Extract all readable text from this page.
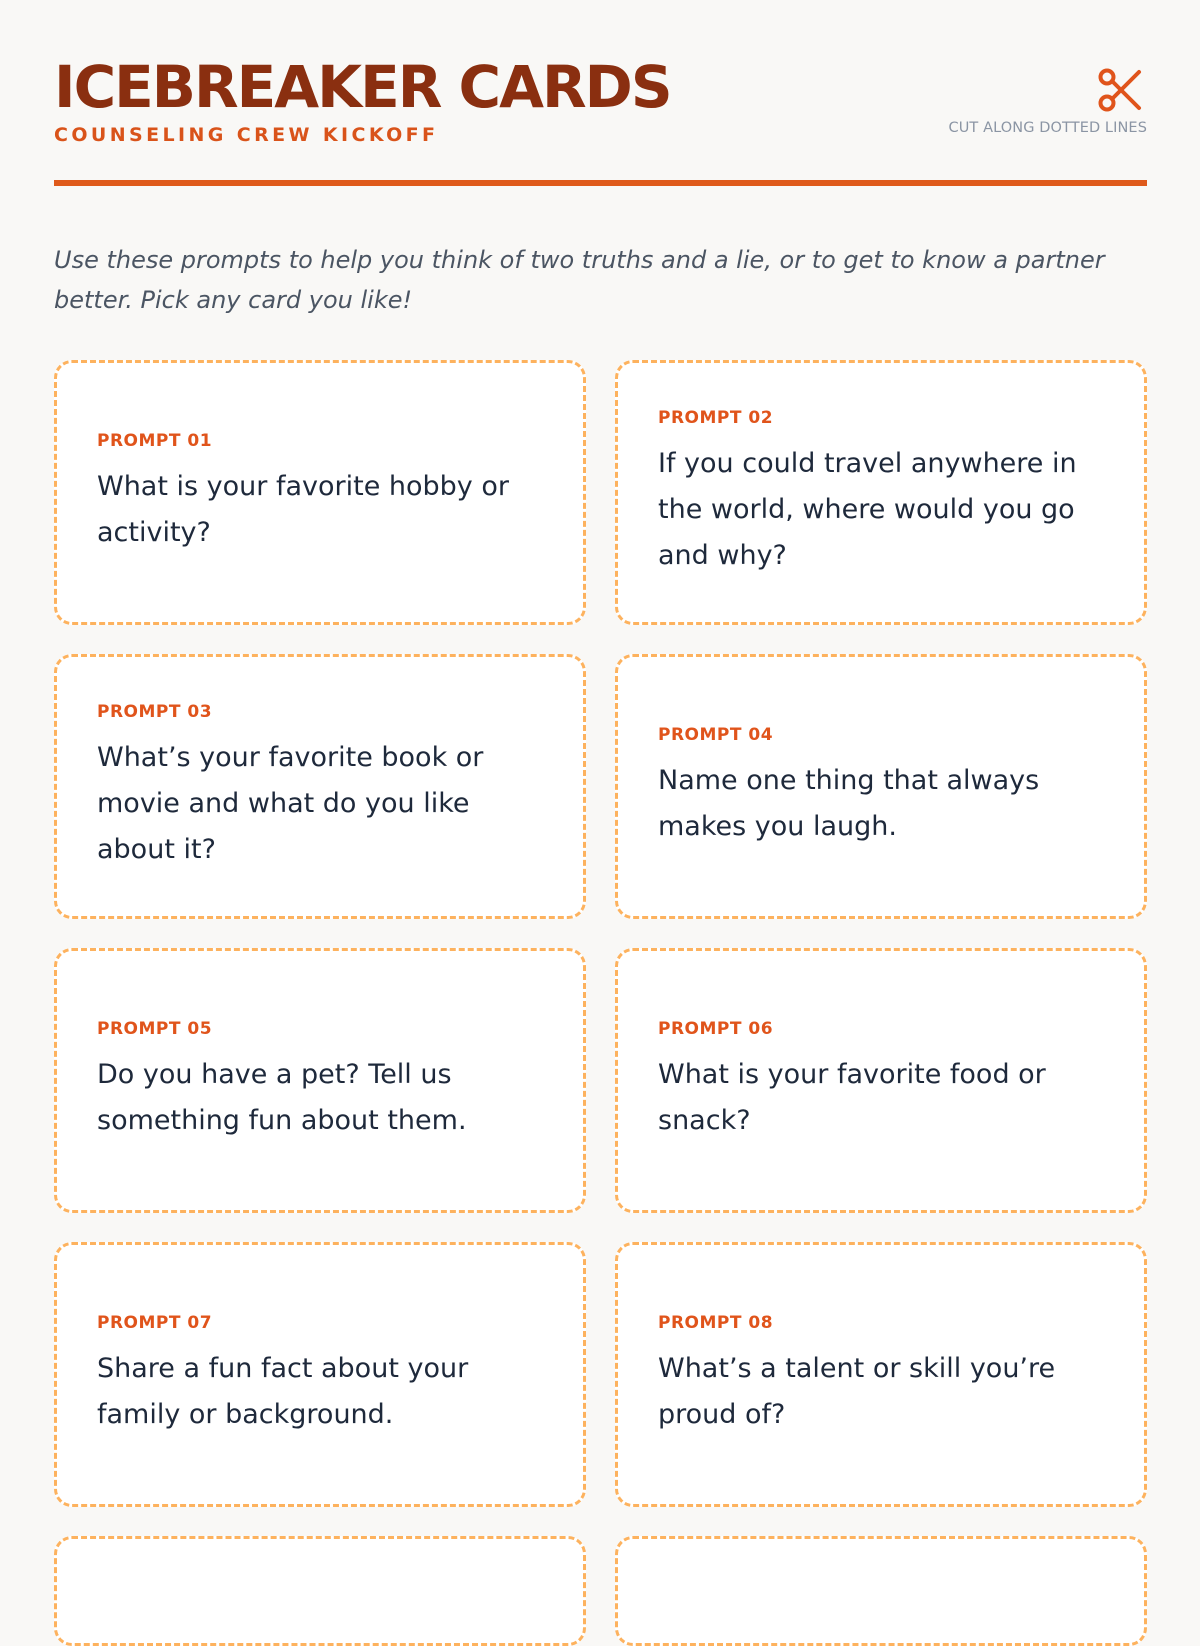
ICEBREAKER CARDS
COUNSELING CREW KICKOFF	CUT ALONG DOTTED LINES

Use these prompts to help you think of two truths and a lie, or to get to know a partner better. Pick any card you like!

PROMPT 01
What is your favorite hobby or activity?
PROMPT 02
If you could travel anywhere in the world, where would you go and why?
PROMPT 03
What’s your favorite book or movie and what do you like about it?
PROMPT 04
Name one thing that always makes you laugh.
PROMPT 05
Do you have a pet? Tell us something fun about them.
PROMPT 06
What is your favorite food or snack?
PROMPT 07
Share a fun fact about your family or background.
PROMPT 08
What’s a talent or skill you’re proud of?
